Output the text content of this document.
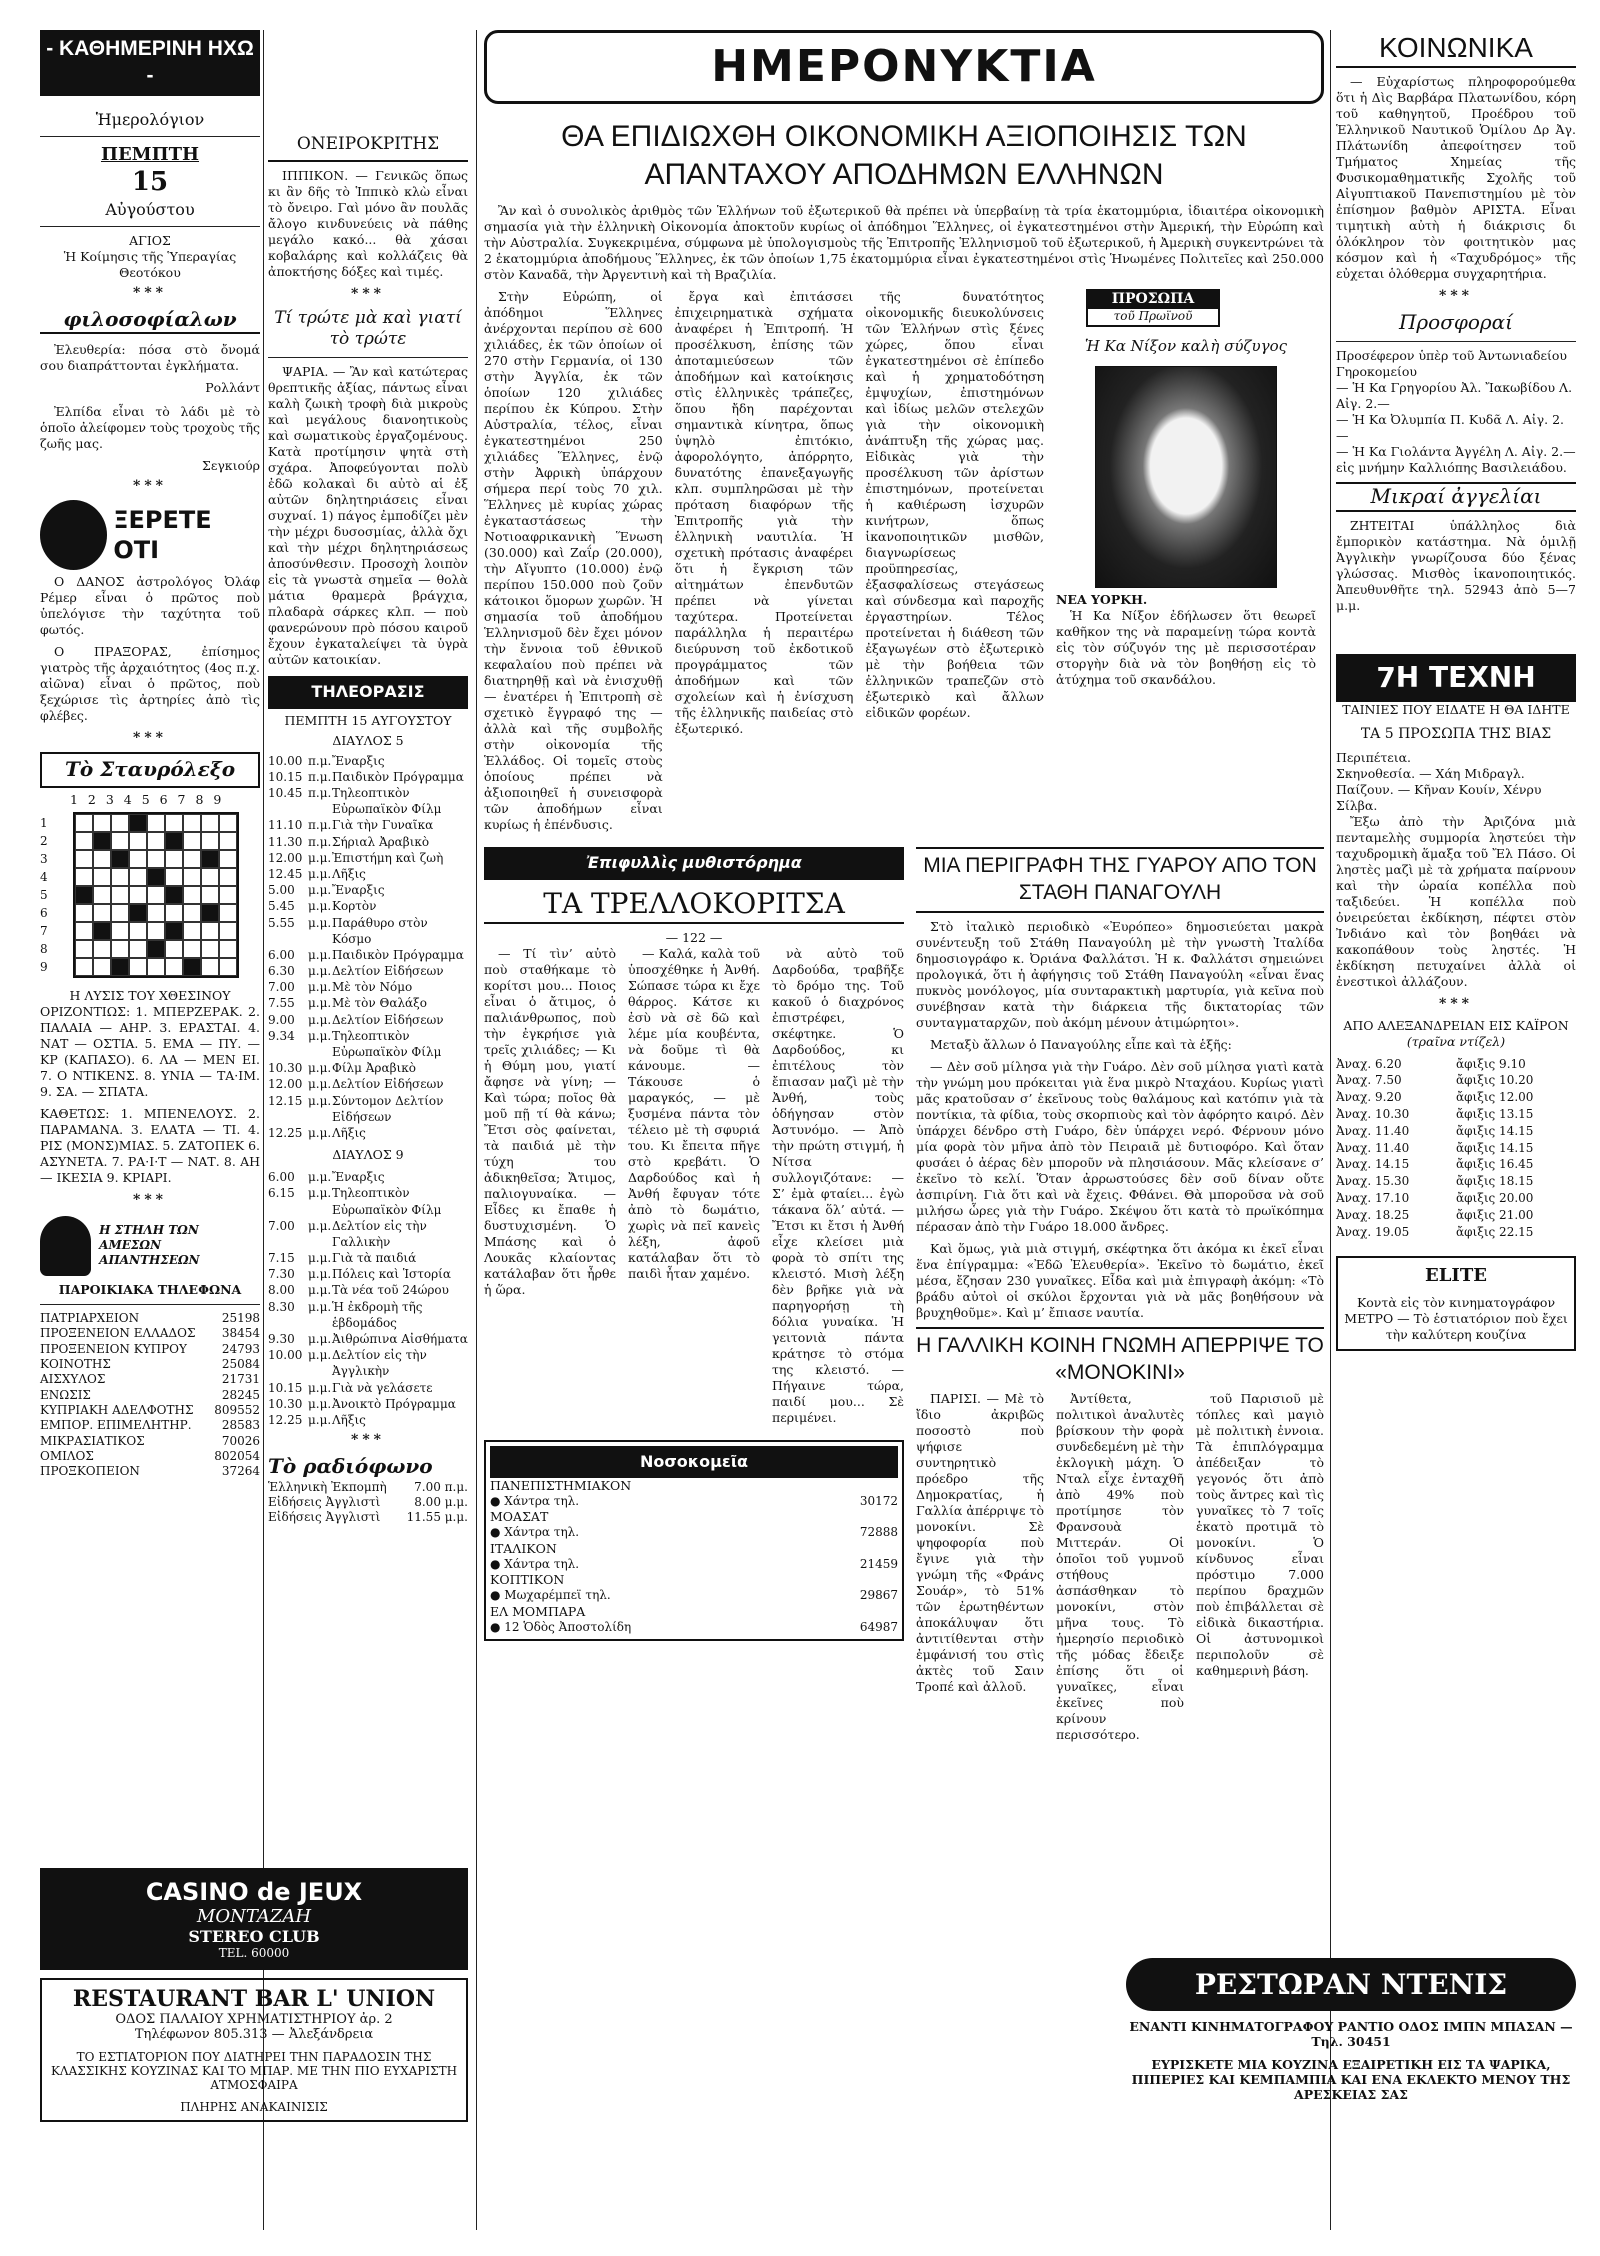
- ΚΑΘΗΜΕΡΙΝΗ ΗΧΩ -
Ἡμερολόγιον
ΠΕΜΠΤΗ
15
Αὐγούστου
ΑΓΙΟΣ
Ἡ Κοίμησις τῆς Ὑπεραγίας Θεοτόκου
***
φιλοσοφίαλων

Ἐλευθερία: πόσα στὸ ὄνομά σου διαπράττονται ἐγκλήματα.

Ρολλάντ

Ἐλπίδα εἶναι τὸ λάδι μὲ τὸ ὁποῖο ἀλείφομεν τοὺς τροχοὺς τῆς ζωῆς μας.

Σεγκιούρ
***
ΞΕΡΕΤΕ ΟΤΙ

Ο ΔΑΝΟΣ ἀστρολόγος Ὀλάφ Ρέμερ εἶναι ὁ πρῶτος ποὺ ὑπελόγισε τὴν ταχύτητα τοῦ φωτός.

Ο ΠΡΑΞΟΡΑΣ, ἐπίσημος γιατρὸς τῆς ἀρχαιότητος (4ος π.χ. αἰῶνα) εἶναι ὁ πρῶτος, ποὺ ξεχώρισε τὶς ἀρτηρίες ἀπὸ τὶς φλέβες.

***
Τὸ Σταυρόλεξο
1 2 3 4 5 6 7 8 9
1
2
3
4
5
6
7
8
9
Η ΛΥΣΙΣ ΤΟΥ ΧΘΕΣΙΝΟΥ

ΟΡΙΖΟΝΤΙΩΣ: 1. ΜΠΕΡΖΕΡΑΚ. 2. ΠΑΛΑΙΑ — ΑΗΡ. 3. ΕΡΑΣΤΑΙ. 4. ΝΑΤ — ΟΣΤΙΑ. 5. ΕΜΑ — ΠΥ. — ΚΡ (ΚΑΠΑΣΟ). 6. ΛΑ — ΜΕΝ ΕΙ. 7. Ο ΝΤΙΚΕΝΣ. 8. ΥΝΙΑ — ΤΑ·ΙΜ. 9. ΣΑ. — ΣΠΑΤΑ.

ΚΑΘΕΤΩΣ: 1. ΜΠΕΝΕΛΟΥΣ. 2. ΠΑΡΑΜΑΝΑ. 3. ΕΛΑΤΑ — ΤΙ. 4. ΡΙΣ (ΜΟΝΣ)ΜΙΑΣ. 5. ΖΑΤΟΠΕΚ 6. ΑΣΥΝΕΤΑ. 7. ΡΑ·Ι·Τ — ΝΑΤ. 8. ΑΗ — ΙΚΕΣΙΑ 9. ΚΡΙΑΡΙ.

***
Η ΣΤΗΛΗ ΤΩΝ ΑΜΕΣΩΝ ΑΠΑΝΤΗΣΕΩΝ
ΠΑΡΟΙΚΙΑΚΑ ΤΗΛΕΦΩΝΑ
ΠΑΤΡΙΑΡΧΕΙΟΝ	25198
ΠΡΟΞΕΝΕΙΟΝ ΕΛΛΑΔΟΣ 38454
ΠΡΟΞΕΝΕΙΟΝ ΚΥΠΡΟΥ	24793
ΚΟΙΝΟΤΗΣ	25084
ΑΙΣΧΥΛΟΣ	21731
ΕΝΩΣΙΣ	28245
ΚΥΠΡΙΑΚΗ ΑΔΕΛΦΟΤΗΣ 809552
ΕΜΠΟΡ. ΕΠΙΜΕΛΗΤΗΡ.	28583
ΜΙΚΡΑΣΙΑΤΙΚΟΣ	70026
ΟΜΙΛΟΣ	802054
ΠΡΟΞΚΟΠΕΙΟΝ	37264
ΟΝΕΙΡΟΚΡΙΤΗΣ

ΙΠΠΙΚΟΝ. — Γενικῶς ὅπως κι ἂν δῆς τὸ Ἱππικὸ κλὼ εἶναι τὸ ὄνειρο. Γαὶ μόνο ἂν πουλᾶς ἄλογο κινδυνεύεις νὰ πάθης μεγάλο κακό... θὰ χάσαι κοβαλάρης καὶ κολλάζεις θὰ ἀποκτήσης δόξες καὶ τιμές.

***
Τί τρώτε μὰ καὶ γιατί τὸ τρώτε

ΨΑΡΙΑ. — Ἂν καὶ κατώτερας θρεπτικῆς ἀξίας, πάντως εἶναι καλὴ ζωικὴ τροφὴ διὰ μικροὺς καὶ μεγάλους διανοητικοὺς καὶ σωματικοὺς ἐργαζομένους. Κατὰ προτίμησιν ψητὰ στὴ σχάρα. Ἀποφεύγονται πολὺ ἐδῶ κολακαὶ δι αὐτὸ αἱ ἐξ αὐτῶν δηλητηριάσεις εἶναι συχναί. 1) πάγος ἐμποδίζει μὲν τὴν μέχρι δυσοσμίας, ἀλλὰ ὄχι καὶ τὴν μέχρι δηλητηριάσεως ἀποσύνθεσιν. Προσοχὴ λοιπὸν εἰς τὰ γνωστὰ σημεῖα — θολὰ μάτια θραμερὰ βράγχια, πλαδαρὰ σάρκες κλπ. — ποὺ φανερώνουν πρὸ πόσου καιροῦ ἔχουν ἐγκαταλείψει τὰ ὑγρὰ αὐτῶν κατοικίαν.

ΤΗΛΕΟΡΑΣΙΣ
ΠΕΜΠΤΗ 15 ΑΥΓΟΥΣΤΟΥ
ΔΙΑΥΛΟΣ 5
10.00 π.μ. Ἔναρξις
10.15 π.μ. Παιδικὸν Πρόγραμμα
10.45 π.μ. Τηλεοπτικὸν Εὐρωπαϊκὸν Φίλμ
11.10 π.μ. Γιὰ τὴν Γυναῖκα
11.30 π.μ. Σήριαλ Ἀραβικὸ
12.00 μ.μ. Ἐπιστήμη καὶ ζωὴ
12.45 μ.μ. Λῆξις
5.00	μ.μ. Ἔναρξις
5.45	μ.μ. Κορτὸν
5.55	μ.μ. Παράθυρο στὸν Κόσμο
6.00	μ.μ. Παιδικὸν Πρόγραμμα
6.30	μ.μ. Δελτίον Εἰδήσεων
7.00	μ.μ. Μὲ τὸν Νόμο
7.55	μ.μ. Μὲ τὸν Θαλάξο
9.00	μ.μ. Δελτίον Εἰδήσεων
9.34	μ.μ. Τηλεοπτικὸν Εὐρωπαϊκὸν Φίλμ
10.30 μ.μ. Φίλμ Ἀραβικὸ
12.00 μ.μ. Δελτίον Εἰδήσεων
12.15 μ.μ. Σύντομον Δελτίον Εἰδήσεων
12.25 μ.μ. Λῆξις
ΔΙΑΥΛΟΣ 9
6.00	μ.μ. Ἔναρξις
6.15	μ.μ. Τηλεοπτικὸν Εὐρωπαϊκὸν Φίλμ
7.00	μ.μ. Δελτίον εἰς τὴν Γαλλικὴν
7.15	μ.μ. Γιὰ τὰ παιδιά
7.30	μ.μ. Πόλεις καὶ Ἱστορία
8.00	μ.μ. Τὰ νέα τοῦ 24ώρου
8.30	μ.μ. Ἡ ἐκδρομὴ τῆς ἑβδομάδος
9.30	μ.μ. Ἀιθρώπινα Αἰσθήματα
10.00 μ.μ. Δελτίον εἰς τὴν Ἀγγλικὴν
10.15 μ.μ. Γιὰ νὰ γελάσετε
10.30 μ.μ. Ἀνοικτὸ Πρόγραμμα
12.25 μ.μ. Λῆξις
***
Τὸ ραδιόφωνο
Ἑλληνικὴ Ἐκπομπὴ 7.00 π.μ.
Εἰδήσεις Ἀγγλιστὶ	8.00 μ.μ.
Εἰδήσεις Ἀγγλιστὶ 11.55 μ.μ.
CASINO de JEUX
MONTAZAH
STEREO CLUB
TEL. 60000
RESTAURANT BAR L' UNION
ΟΔΟΣ ΠΑΛΑΙΟΥ ΧΡΗΜΑΤΙΣΤΗΡΙΟΥ ἀρ. 2
Τηλέφωνον 805.313 — Ἀλεξάνδρεια
ΤΟ ΕΣΤΙΑΤΟΡΙΟΝ ΠΟΥ ΔΙΑΤΗΡΕΙ ΤΗΝ ΠΑΡΑΔΟΣΙΝ ΤΗΣ ΚΛΑΣΣΙΚΗΣ ΚΟΥΖΙΝΑΣ ΚΑΙ ΤΟ ΜΠΑΡ. ΜΕ ΤΗΝ ΠΙΟ ΕΥΧΑΡΙΣΤΗ ΑΤΜΟΣΦΑΙΡΑ
ΠΛΗΡΗΣ ΑΝΑΚΑΙΝΙΣΙΣ
ΗΜΕΡΟΝΥΚΤΙΑ
ΘΑ ΕΠΙΔΙΩΧΘΗ ΟΙΚΟΝΟΜΙΚΗ ΑΞΙΟΠΟΙΗΣΙΣ ΤΩΝ ΑΠΑΝΤΑΧΟΥ ΑΠΟΔΗΜΩΝ ΕΛΛΗΝΩΝ

Ἂν καὶ ὁ συνολικὸς ἀριθμὸς τῶν Ἑλλήνων τοῦ ἐξωτερικοῦ θὰ πρέπει νὰ ὑπερβαίνῃ τὰ τρία ἑκατομμύρια, ἰδιαιτέρα οἰκονομικὴ σημασία γιὰ τὴν ἑλληνικὴ Οἰκονομία ἀποκτοῦν κυρίως οἱ ἀπόδημοι Ἕλληνες, οἱ ἐγκατεστημένοι στὴν Ἀμερική, τὴν Εὐρώπη καὶ τὴν Αὐστραλία. Συγκεκριμένα, σύμφωνα μὲ ὑπολογισμοὺς τῆς Ἐπιτροπῆς Ἑλληνισμοῦ τοῦ ἐξωτερικοῦ, ἡ Ἀμερικὴ συγκεντρώνει τὰ 2 ἑκατομμύρια ἀποδήμους Ἕλληνες, ἐκ τῶν ὁποίων 1,75 ἑκατομμύρια εἶναι ἐγκατεστημένοι στὶς Ἡνωμένες Πολιτεῖες καὶ 250.000 στὸν Καναδᾶ, τὴν Ἀργεντινὴ καὶ τὴ Βραζιλία.

Στὴν Εὐρώπη, οἱ ἀπόδημοι Ἕλληνες ἀνέρχονται περίπου σὲ 600 χιλιάδες, ἐκ τῶν ὁποίων οἱ 270 στὴν Γερμανία, οἱ 130 στὴν Ἀγγλία, ἐκ τῶν ὁποίων 120 χιλιάδες περίπου ἐκ Κύπρου. Στὴν Αὐστραλία, τέλος, εἶναι ἐγκατεστημένοι 250 χιλιάδες Ἕλληνες, ἐνῷ στὴν Ἀφρικὴ ὑπάρχουν σήμερα περί τοὺς 70 χιλ. Ἕλληνες μὲ κυρίας χώρας ἐγκαταστάσεως τὴν Νοτιοαφρικανικὴ Ἕνωση (30.000) καὶ Ζαΐρ (20.000), τὴν Αἴγυπτο (10.000) ἐνῷ περίπου 150.000 ποὺ ζοῦν κάτοικοι ὅμορων χωρῶν. Ἡ σημασία τοῦ ἀποδήμου Ἑλληνισμοῦ δὲν ἔχει μόνον τὴν ἔννοια τοῦ ἐθνικοῦ κεφαλαίου ποὺ πρέπει νὰ διατηρηθῇ καὶ νὰ ἐνισχυθῇ — ἐνατέρει ἡ Ἐπιτροπὴ σὲ σχετικὸ ἔγγραφό της — ἀλλὰ καὶ τῆς συμβολῆς στὴν οἰκονομία τῆς Ἑλλάδος. Οἱ τομεῖς στοὺς ὁποίους πρέπει νὰ ἀξιοποιηθεῖ ἡ συνεισφορὰ τῶν ἀποδήμων εἶναι κυρίως ἡ ἐπένδυσις.

ἔργα καὶ ἐπιτάσσει ἐπιχειρηματικὰ σχήματα ἀναφέρει ἡ Ἐπιτροπή. Ἡ προσέλκυση, ἐπίσης τῶν ἀποταμιεύσεων τῶν ἀποδήμων καὶ κατοίκησις στὶς ἑλληνικὲς τράπεζες, ὅπου ἤδη παρέχονται σημαντικὰ κίνητρα, ὅπως ὑψηλὸ ἐπιτόκιο, ἀφορολόγητο, ἀπόρρητο, δυνατότης ἐπανεξαγωγῆς κλπ. συμπληρῶσαι μὲ τὴν πρόταση διαφόρων τῆς Ἐπιτροπῆς γιὰ τὴν ἑλληνικὴ ναυτιλία. Ἡ σχετικὴ πρότασις ἀναφέρει ὅτι ἡ ἔγκριση τῶν αἰτημάτων ἐπενδυτῶν πρέπει νὰ γίνεται ταχύτερα. Προτείνεται παράλληλα ἡ περαιτέρω διεύρυνση τοῦ ἐκδοτικοῦ προγράμματος τῶν ἀποδήμων καὶ τῶν σχολείων καὶ ἡ ἐνίσχυση τῆς ἑλληνικῆς παιδείας στὸ ἐξωτερικό.

τῆς δυνατότητος οἰκονομικῆς διευκολύνσεις τῶν Ἑλλήνων στὶς ξένες χώρες, ὅπου εἶναι ἐγκατεστημένοι σὲ ἐπίπεδο καὶ ἡ χρηματοδότηση ἐμψυχίων, ἐπιστημόνων καὶ ἰδίως μελῶν στελεχῶν γιὰ τὴν οἰκονομικὴ ἀνάπτυξη τῆς χώρας μας. Εἰδικὰς γιὰ τὴν προσέλκυση τῶν ἀρίστων ἐπιστημόνων, προτείνεται ἡ καθιέρωση ἰσχυρῶν κινήτρων, ὅπως ἱκανοποιητικῶν μισθῶν, διαγνωρίσεως προϋπηρεσίας, ἐξασφαλίσεως στεγάσεως καὶ σύνδεσμα καὶ παροχῆς ἐργαστηρίων. Τέλος προτείνεται ἡ διάθεση τῶν ἐξαγωγέων στὸ ἐξωτερικὸ μὲ τὴν βοήθεια τῶν ἐλληνικῶν τραπεζῶν στὸ ἐξωτερικὸ καὶ ἄλλων εἰδικῶν φορέων.

ΠΡΟΣΩΠΑ
τοῦ Πρωϊνοῦ
Ἡ Κα Νίξον καλὴ σύζυγος
ΝΕΑ ΥΟΡΚΗ.

Ἡ Κα Νίξον ἐδήλωσεν ὅτι θεωρεῖ καθῆκον της νὰ παραμείνῃ τώρα κοντὰ εἰς τὸν σύζυγόν της μὲ περισσοτέραν στοργὴν διὰ νὰ τὸν βοηθήσῃ εἰς τὸ ἀτύχημα τοῦ σκανδάλου.

Ἐπιφυλλὶς μυθιστόρημα
ΤΑ ΤΡΕΛΛΟΚΟΡΙΤΣΑ
— 122 —

— Τί τὶν’ αὐτὸ ποὺ σταθήκαμε τὸ κορίτσι μου... Ποιος εἶναι ὁ ἄτιμος, ὁ παλιάνθρωπος, ποὺ τὴν ἐγκρήισε γιὰ τρεῖς χιλιάδες; — Κι ἡ Θύμη μου, γιατί ἄφησε νὰ γίνη; — Καὶ τώρα; ποῖος θὰ μοῦ πῇ τί θὰ κάνω; Ἔτσι σὸς φαίνεται, τὰ παιδιά μὲ τὴν τύχη του ἀδικηθεῖσα; Ἄτιμος, παλιογυναίκα. — Εἶδες κι ἔπαθε ἡ δυστυχισμένη. Ὁ Μπάσης καὶ ὁ Λουκᾶς κλαίοντας κατάλαβαν ὅτι ἦρθε ἡ ὥρα.

— Καλά, καλὰ τοῦ ὑποσχέθηκε ἡ Ἀνθή. Σώπασε τώρα κι ἔχε θάρρος. Κάτσε κι ἐσὺ νὰ σὲ δῶ καὶ λέμε μία κουβέντα, νὰ δοῦμε τὶ θὰ κάνουμε. — Τάκουσε ὁ μαραγκός, — μὲ ξυσμένα πάντα τὸν τέλειο μὲ τὴ σφυριά του. Κι ἔπειτα πῆγε στὸ κρεβάτι. Ὁ Δαρδούδος καὶ ἡ Ἀνθή ἔφυγαν τότε ἀπὸ τὸ δωμάτιο, χωρὶς νὰ πεῖ κανεὶς λέξη, ἀφοῦ κατάλαβαν ὅτι τὸ παιδὶ ἦταν χαμένο.

νὰ αὐτὸ τοῦ Δαρδούδα, τραβῆξε τὸ δρόμο της. Τοῦ κακοῦ ὁ διαχρόνος ἐπιστρέφει, σκέφτηκε. Ὁ Δαρδούδος, κι ἐπιτέλους τὸν ἔπιασαν μαζὶ μὲ τὴν Ἀνθή, τοὺς ὁδήγησαν στὸν Ἀστυνόμο. — Ἀπὸ τὴν πρώτη στιγμή, ἡ Νίτσα συλλογιζότανε: — Σ’ ἐμὰ φταίει... ἐγὼ τάκανα ὅλ’ αὐτά. — Ἔτσι κι ἔτσι ἡ Ἀνθή εἶχε κλείσει μιὰ φορὰ τὸ σπίτι της κλειστό. Μισὴ λέξη δὲν βρῆκε γιὰ νὰ παρηγορήσῃ τὴ δόλια γυναίκα. Ἡ γειτονιὰ πάντα κράτησε τὸ στόμα της κλειστό. — Πήγαινε τώρα, παιδί μου... Σὲ περιμένει.

Νοσοκομεῖα
ΠΑΝΕΠΙΣΤΗΜΙΑΚΟΝ
● Χάντρα τηλ.	30172
ΜΟΑΣΑΤ
● Χάντρα τηλ.	72888
ΙΤΑΛΙΚΟΝ
● Χάντρα τηλ.	21459
ΚΟΠΤΙΚΟΝ
● Μωχαρέμπεϊ τηλ.	29867
ΕΛ ΜΟΜΠΑΡΑ
● 12 Ὁδὸς Ἀποστολίδη	64987
ΜΙΑ ΠΕΡΙΓΡΑΦΗ ΤΗΣ ΓΥΑΡΟΥ ΑΠΟ ΤΟΝ ΣΤΑΘΗ ΠΑΝΑΓΟΥΛΗ

Στὸ ἰταλικὸ περιοδικὸ «Ἐυρόπεο» δημοσιεύεται μακρὰ συνέντευξη τοῦ Στάθη Παναγούλη μὲ τὴν γνωστὴ Ἰταλίδα δημοσιογράφο κ. Ὀριάνα Φαλλάτσι. Ἡ κ. Φαλλάτσι σημειώνει προλογικά, ὅτι ἡ ἀφήγησις τοῦ Στάθη Παναγούλη «εἶναι ἕνας πυκνὸς μονόλογος, μία συνταρακτικὴ μαρτυρία, γιὰ κεῖνα ποὺ συνέβησαν κατὰ τὴν διάρκεια τῆς δικτατορίας τῶν συνταγματαρχῶν, ποὺ ἀκόμη μένουν ἀτιμώρητοι».

Μεταξὺ ἄλλων ὁ Παναγούλης εἶπε καὶ τὰ ἑξῆς:

— Δὲν σοῦ μίλησα γιὰ τὴν Γυάρο. Δὲν σοῦ μίλησα γιατὶ κατὰ τὴν γνώμη μου πρόκειται γιὰ ἕνα μικρὸ Νταχάου. Κυρίως γιατὶ μᾶς κρατοῦσαν σ’ ἐκεῖνους τοὺς θαλάμους καὶ κατόπιν γιὰ τὰ ποντίκια, τὰ φίδια, τοὺς σκορπιοὺς καὶ τὸν ἀφόρητο καιρό. Δὲν ὑπάρχει δένδρο στὴ Γυάρο, δὲν ὑπάρχει νερό. Φέρνουν μόνο μία φορὰ τὸν μῆνα ἀπὸ τὸν Πειραιᾶ μὲ δυτιοφόρο. Καὶ ὅταν φυσάει ὁ ἀέρας δὲν μποροῦν νὰ πλησιάσουν. Μᾶς κλείσανε σ’ ἐκεῖνο τὸ κελί. Ὅταν ἀρρωστούσες δὲν σοῦ δίναν οὔτε ἀσπιρίνη. Γιὰ ὅτι καὶ νὰ ἔχεις. Φθάνει. Θὰ μποροῦσα νὰ σοῦ μιλήσω ὧρες γιὰ τὴν Γυάρο. Σκέψου ὅτι κατὰ τὸ πρωϊκόπημα πέρασαν ἀπὸ τὴν Γυάρο 18.000 ἄνδρες.

Καὶ ὅμως, γιὰ μιὰ στιγμή, σκέφτηκα ὅτι ἀκόμα κι ἐκεῖ εἶναι ἕνα ἐπίγραμμα: «Ἐδῶ Ἐλευθερία». Ἐκεῖνο τὸ δωμάτιο, ἐκεῖ μέσα, ἔζησαν 230 γυναῖκες. Εἶδα καὶ μιὰ ἐπιγραφὴ ἀκόμη: «Τὸ βράδυ αὐτοὶ οἱ σκύλοι ἔρχονται γιὰ νὰ μᾶς βοηθήσουν νὰ βρυχηθοῦμε». Καὶ μ’ ἔπιασε ναυτία.

Η ΓΑΛΛΙΚΗ ΚΟΙΝΗ ΓΝΩΜΗ ΑΠΕΡΡΙΨΕ ΤΟ «ΜΟΝΟΚΙΝΙ»

ΠΑΡΙΣΙ. — Μὲ τὸ ἴδιο ἀκριβῶς ποσοστὸ ποὺ ψήφισε συντηρητικὸ πρόεδρο τῆς Δημοκρατίας, ἡ Γαλλία ἀπέρριψε τὸ μονοκίνι. Σὲ ψηφοφορία ποὺ ἔγινε γιὰ τὴν γνώμη τῆς «Φράνς Σουάρ», τὸ 51% τῶν ἐρωτηθέντων ἀποκάλυψαν ὅτι ἀντιτίθενται στὴν ἐμφάνισή του στὶς ἀκτὲς τοῦ Σαιν Τροπέ καὶ ἀλλοῦ.

Ἀντίθετα, πολιτικοὶ ἀναλυτὲς βρίσκουν τὴν φορὰ συνδεδεμένη μὲ τὴν ἐκλογικὴ μάχη. Ὁ Νταλ εἶχε ἐνταχθῆ ἀπὸ 49% ποὺ προτίμησε τὸν Φρανσουὰ Μιττεράν. Οἱ ὁποῖοι τοῦ γυμνοῦ στήθους ἀσπάσθηκαν τὸ μονοκίνι, στὸν μῆνα τους. Τὸ ἡμερησίο περιοδικὸ τῆς μόδας ἔδειξε ἐπίσης ὅτι οἱ γυναῖκες, εἶναι ἐκεῖνες ποὺ κρίνουν περισσότερο.

τοῦ Παρισιοῦ μὲ τόπλες καὶ μαγιὸ μὲ πολιτικὴ ἐννοια. Τὰ ἐπιπλόγραμμα ἀπέδειξαν τὸ γεγονός ὅτι ἀπὸ τοὺς ἄντρες καὶ τὶς γυναῖκες τὸ 7 τοῖς ἑκατὸ προτιμᾶ τὸ μονοκίνι. Ὁ κίνδυνος εἶναι πρόστιμο 7.000 περίπου δραχμῶν ποὺ ἐπιβάλλεται σὲ εἰδικὰ δικαστήρια. Οἱ ἀστυνομικοὶ περιπολοῦν σὲ καθημερινὴ βάση.

ΚΟΙΝΩΝΙΚΑ

— Εὐχαρίστως πληροφορούμεθα ὅτι ἡ Δὶς Βαρβάρα Πλατωνίδου, κόρη τοῦ καθηγητοῦ, Προέδρου τοῦ Ἑλληνικοῦ Ναυτικοῦ Ὁμίλου Δρ Ἀγ. Πλάτωνίδη ἀπεφοίτησεν τοῦ Τμήματος Χημείας τῆς Φυσικομαθηματικῆς Σχολῆς τοῦ Αἰγυπτιακοῦ Πανεπιστημίου μὲ τὸν ἐπίσημον βαθμὸν ΑΡΙΣΤΑ. Εἶναι τιμητικὴ αὐτὴ ἡ διάκρισις δι ὁλόκληρον τὸν φοιτητικὸν μας κόσμον καὶ ἡ «Ταχυδρόμος» τῆς εὐχεται ὁλόθερμα συγχαρητήρια.

***
Προσφοραί
Προσέφερον ὑπὲρ τοῦ Ἀντωνιαδείου Γηροκομείου
— Ἡ Κα Γρηγορίου Ἀλ. Ἴακωβίδου Λ. Αἰγ. 2.—
— Ἡ Κα Ὀλυμπία Π. Κυδᾶ Λ. Αἰγ. 2.—
— Ἡ Κα Γιολάντα Ἀγγέλη Λ. Αἰγ. 2.— εἰς μνήμην Καλλιόπης Βασιλειάδου.
Μικραί ἀγγελίαι

ΖΗΤΕΙΤΑΙ ὑπάλληλος διὰ ἔμπορικὸν κατάστημα. Νὰ ὁμιλῇ Ἀγγλικὴν γνωρίζουσα δύο ξένας γλώσσας. Μισθὸς ἱκανοποιητικός. Ἀπευθυνθῆτε τηλ. 52943 ἀπὸ 5—7 μ.μ.

7Η ΤΕΧΝΗ
ΤΑΙΝΙΕΣ ΠΟΥ ΕΙΔΑΤΕ Η ΘΑ ΙΔΗΤΕ
ΤΑ 5 ΠΡΟΣΩΠΑ ΤΗΣ ΒΙΑΣ
Περιπέτεια.
Σκηνοθεσία. — Χάη Μιδραγλ.
Παίζουν. — Κῆναν Κουίν, Χένρυ Σίλβα.

Ἔξω ἀπὸ τὴν Ἀριζόνα μιὰ πενταμελὴς συμμορία ληστεύει τὴν ταχυδρομικὴ ἅμαξα τοῦ Ἔλ Πάσο. Οἱ ληστὲς μαζὶ μὲ τὰ χρήματα παίρνουν καὶ τὴν ὡραία κοπέλλα ποὺ ταξιδεύει. Ἡ κοπέλλα ποὺ ὀνειρεύεται ἐκδίκηση, πέφτει στὸν Ἰνδιάνο καὶ τὸν βοηθάει νὰ κακοπάθουν τοὺς ληστές. Ἡ ἐκδίκηση πετυχαίνει ἀλλὰ οἱ ἐνεστικοὶ ἀλλάζουν.

***
ΑΠΟ ΑΛΕΞΑΝΔΡΕΙΑΝ ΕΙΣ ΚΑΪΡΟΝ
(τραῖνα ντίζελ)
Ἀναχ. 6.20	ἄφιξις 9.10
Ἀναχ. 7.50	ἄφιξις 10.20
Ἀναχ. 9.20	ἄφιξις 12.00
Ἀναχ. 10.30	ἄφιξις 13.15
Ἀναχ. 11.40	ἄφιξις 14.15
Ἀναχ. 11.40	ἄφιξις 14.15
Ἀναχ. 14.15	ἄφιξις 16.45
Ἀναχ. 15.30	ἄφιξις 18.15
Ἀναχ. 17.10	ἄφιξις 20.00
Ἀναχ. 18.25	ἄφιξις 21.00
Ἀναχ. 19.05	ἄφιξις 22.15
ELITE
Κοντὰ εἰς τὸν κινηματογράφον ΜΕΤΡΟ — Τὸ ἑστιατόριον ποὺ ἔχει τὴν καλύτερη κουζίνα
ΡΕΣΤΩΡΑΝ ΝΤΕΝΙΣ
ΕΝΑΝΤΙ ΚΙΝΗΜΑΤΟΓΡΑΦΟΥ ΡΑΝΤΙΟ ΟΔΟΣ ΙΜΠΝ ΜΠΑΣΑΝ — Τηλ. 30451
ΕΥΡΙΣΚΕΤΕ ΜΙΑ ΚΟΥΖΙΝΑ ΕΞΑΙΡΕΤΙΚΗ ΕΙΣ ΤΑ ΨΑΡΙΚΑ, ΠΙΠΕΡΙΕΣ ΚΑΙ ΚΕΜΠΑΜΠΙΑ ΚΑΙ ΕΝΑ ΕΚΛΕΚΤΟ ΜΕΝΟΥ ΤΗΣ ΑΡΕΣΚΕΙΑΣ ΣΑΣ
